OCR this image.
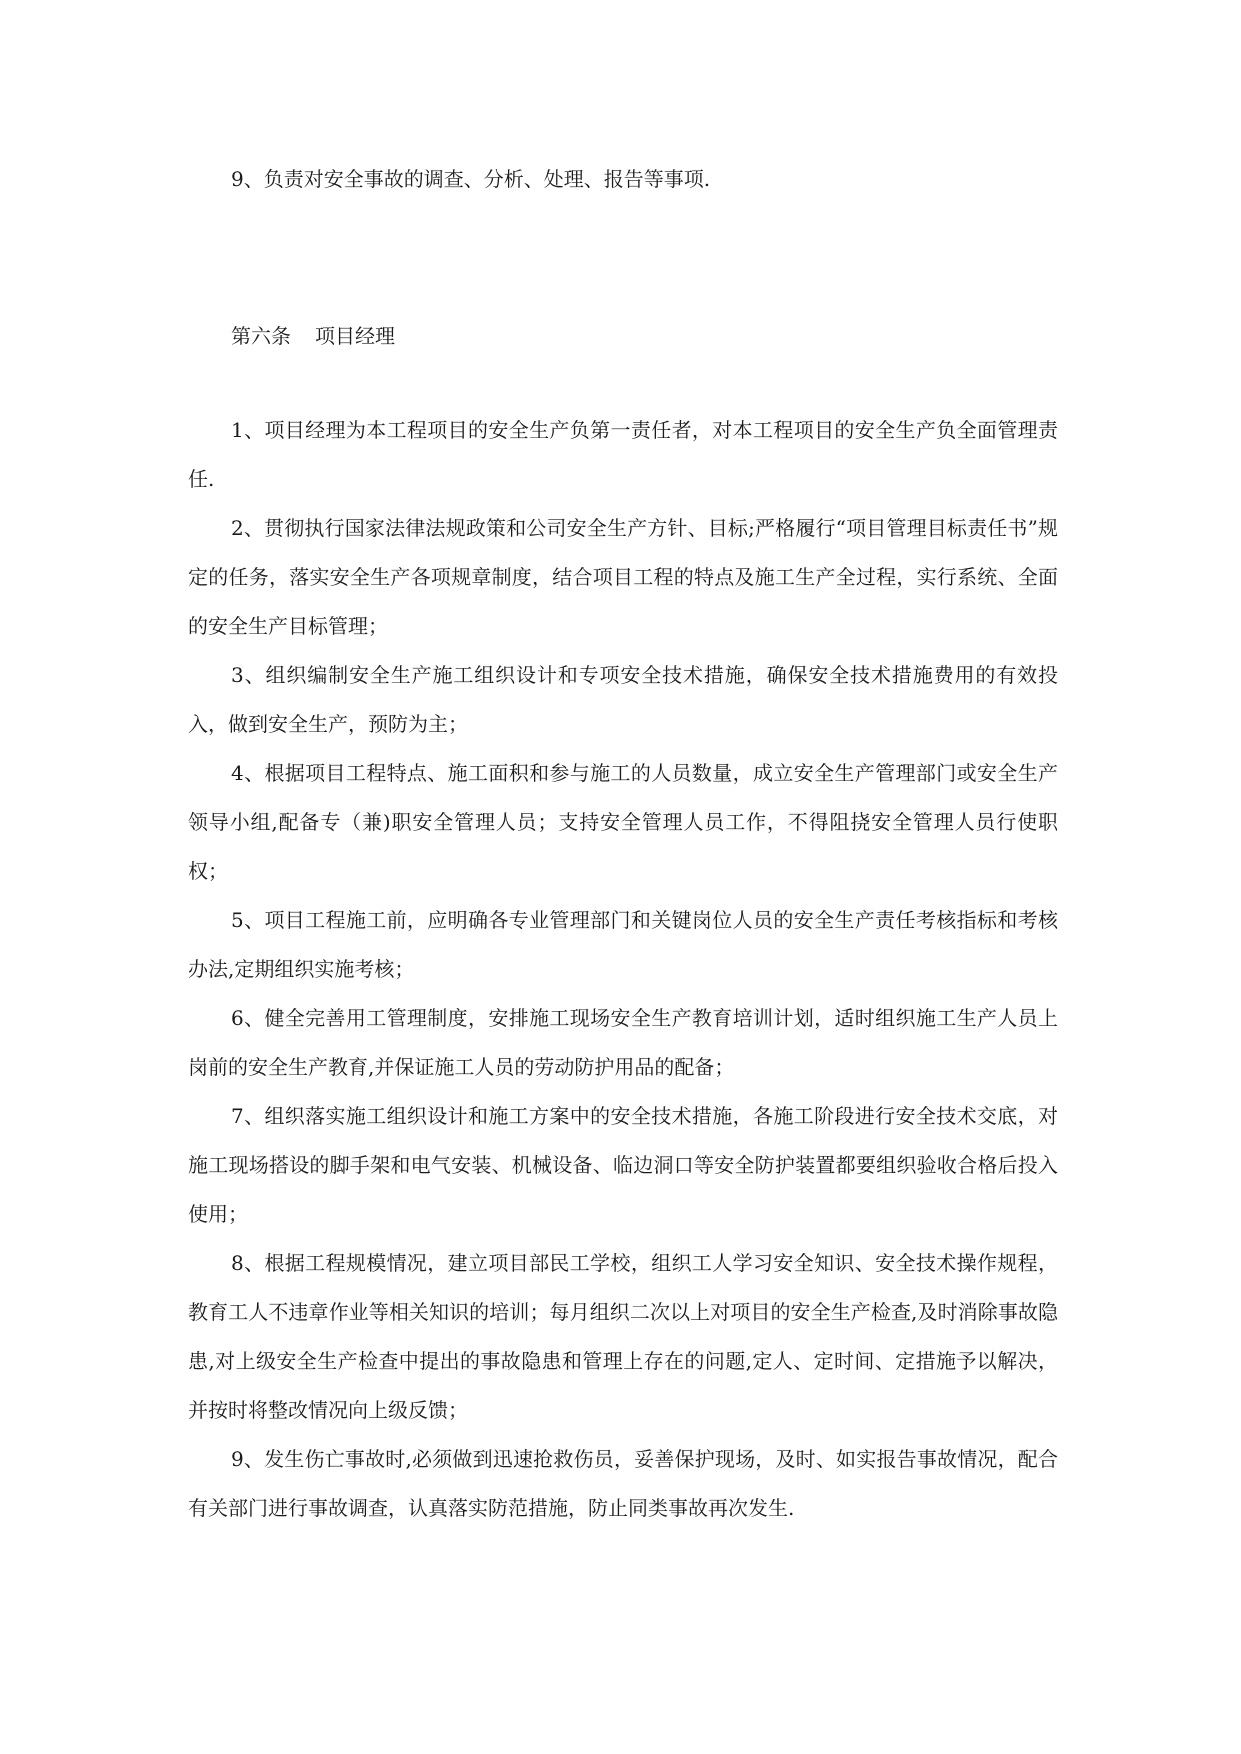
9、负责对安全事故的调查、分析、处理、报告等事项.

第六条 项目经理

1、项目经理为本工程项目的安全生产负第一责任者，对本工程项目的安全生产负全面管理责任.

2、贯彻执行国家法律法规政策和公司安全生产方针、目标;严格履行“项目管理目标责任书”规定的任务，落实安全生产各项规章制度，结合项目工程的特点及施工生产全过程，实行系统、全面的安全生产目标管理；

3、组织编制安全生产施工组织设计和专项安全技术措施，确保安全技术措施费用的有效投入，做到安全生产，预防为主；

4、根据项目工程特点、施工面积和参与施工的人员数量，成立安全生产管理部门或安全生产领导小组,配备专（兼)职安全管理人员；支持安全管理人员工作，不得阻挠安全管理人员行使职权；

5、项目工程施工前，应明确各专业管理部门和关键岗位人员的安全生产责任考核指标和考核办法,定期组织实施考核；

6、健全完善用工管理制度，安排施工现场安全生产教育培训计划，适时组织施工生产人员上岗前的安全生产教育,并保证施工人员的劳动防护用品的配备；

7、组织落实施工组织设计和施工方案中的安全技术措施，各施工阶段进行安全技术交底，对施工现场搭设的脚手架和电气安装、机械设备、临边洞口等安全防护装置都要组织验收合格后投入使用；

8、根据工程规模情况，建立项目部民工学校，组织工人学习安全知识、安全技术操作规程，教育工人不违章作业等相关知识的培训；每月组织二次以上对项目的安全生产检查,及时消除事故隐患,对上级安全生产检查中提出的事故隐患和管理上存在的问题,定人、定时间、定措施予以解决，并按时将整改情况向上级反馈；

9、发生伤亡事故时,必须做到迅速抢救伤员，妥善保护现场，及时、如实报告事故情况，配合有关部门进行事故调查，认真落实防范措施，防止同类事故再次发生.
